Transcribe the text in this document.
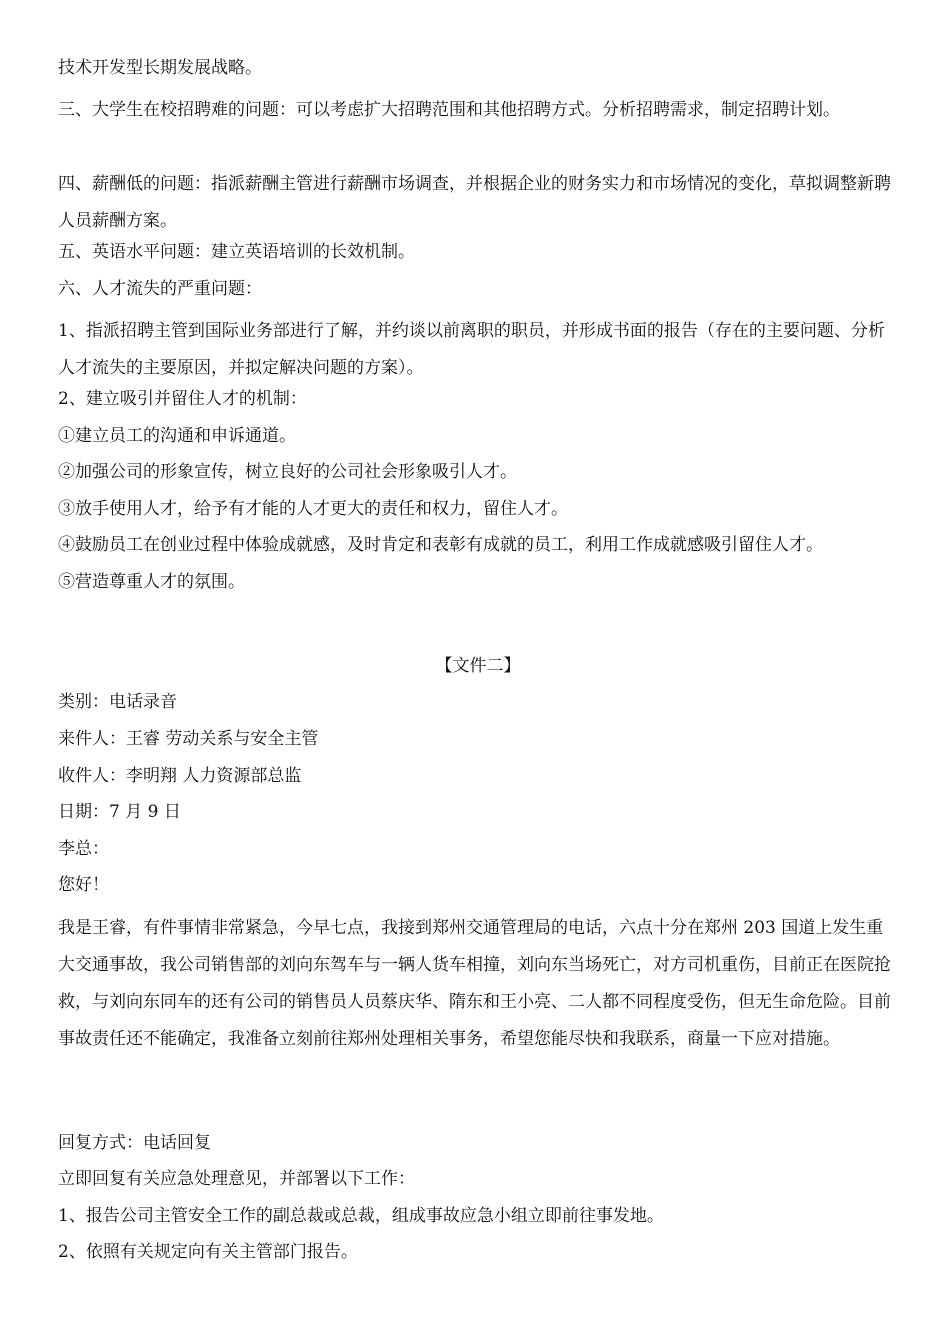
技术开发型长期发展战略。
三、大学生在校招聘难的问题：可以考虑扩大招聘范围和其他招聘方式。分析招聘需求，制定招聘计划。
四、薪酬低的问题：指派薪酬主管进行薪酬市场调查，并根据企业的财务实力和市场情况的变化，草拟调整新聘人员薪酬方案。
五、英语水平问题：建立英语培训的长效机制。
六、人才流失的严重问题：
1、指派招聘主管到国际业务部进行了解，并约谈以前离职的职员，并形成书面的报告（存在的主要问题、分析人才流失的主要原因，并拟定解决问题的方案）。
2、建立吸引并留住人才的机制：
①建立员工的沟通和申诉通道。
②加强公司的形象宣传，树立良好的公司社会形象吸引人才。
③放手使用人才，给予有才能的人才更大的责任和权力，留住人才。
④鼓励员工在创业过程中体验成就感，及时肯定和表彰有成就的员工，利用工作成就感吸引留住人才。
⑤营造尊重人才的氛围。
【文件二】
类别：电话录音
来件人：王睿 劳动关系与安全主管
收件人：李明翔 人力资源部总监
日期：7 月 9 日
李总：
您好！
我是王睿，有件事情非常紧急，今早七点，我接到郑州交通管理局的电话，六点十分在郑州 203 国道上发生重大交通事故，我公司销售部的刘向东驾车与一辆人货车相撞，刘向东当场死亡，对方司机重伤，目前正在医院抢救，与刘向东同车的还有公司的销售员人员蔡庆华、隋东和王小亮、二人都不同程度受伤，但无生命危险。目前事故责任还不能确定，我准备立刻前往郑州处理相关事务，希望您能尽快和我联系，商量一下应对措施。
回复方式：电话回复
立即回复有关应急处理意见，并部署以下工作：
1、报告公司主管安全工作的副总裁或总裁，组成事故应急小组立即前往事发地。
2、依照有关规定向有关主管部门报告。
